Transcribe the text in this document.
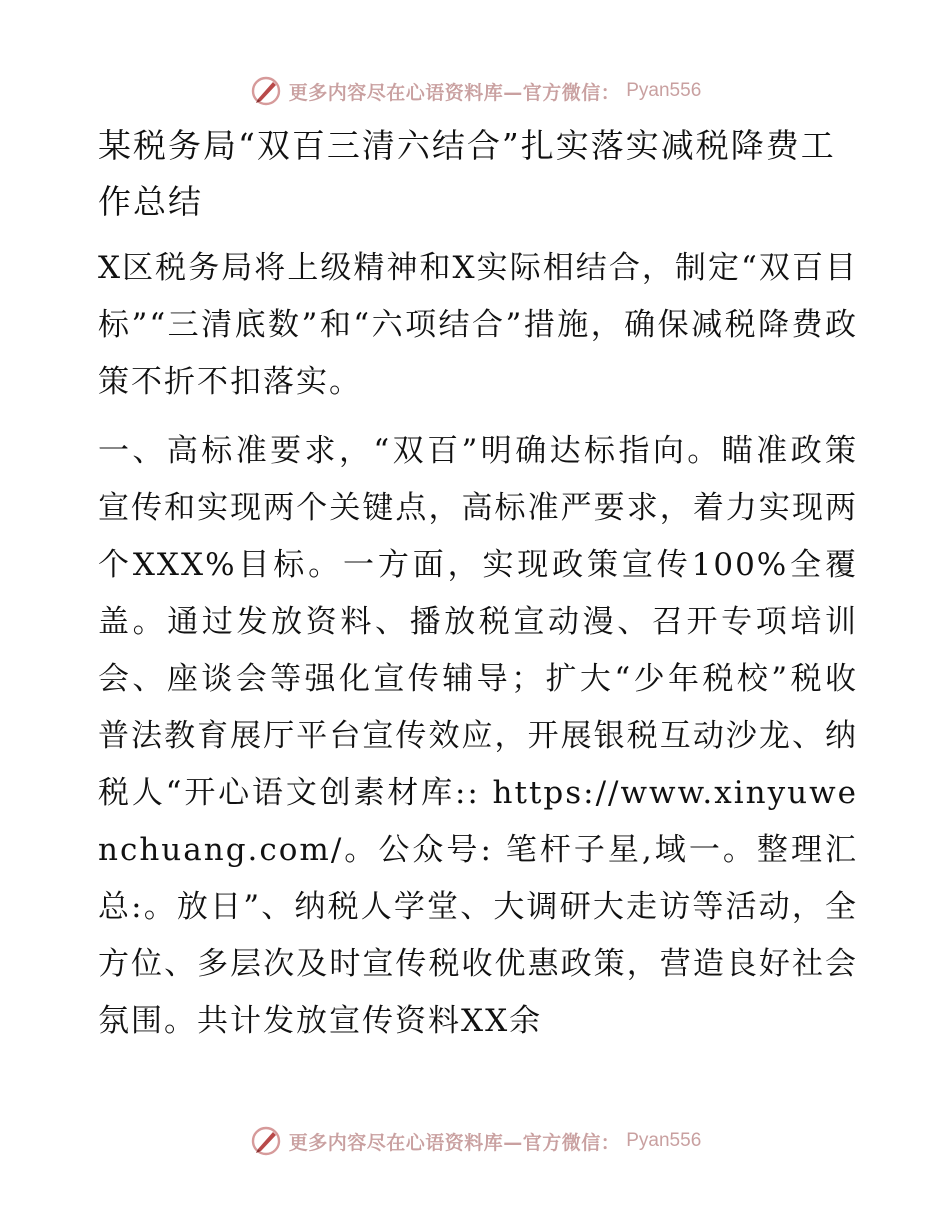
更多内容尽在心语资料库—官方微信： Pyan556
某税务局“双百三清六结合”扎实落实减税降费工作总结
X区税务局将上级精神和X实际相结合，制定“双百目标”“三清底数”和“六项结合”措施，确保减税降费政策不折不扣落实。
一、高标准要求，“双百”明确达标指向。瞄准政策宣传和实现两个关键点，高标准严要求，着力实现两个XXX%目标。一方面，实现政策宣传100%全覆盖。通过发放资料、播放税宣动漫、召开专项培训会、座谈会等强化宣传辅导；扩大“少年税校”税收普法教育展厅平台宣传效应，开展银税互动沙龙、纳税人“开心语文创素材库:: https://www.xinyuwenchuang.com/。公众号: 笔杆子星,域一。整理汇总:。放日”、纳税人学堂、大调研大走访等活动，全方位、多层次及时宣传税收优惠政策，营造良好社会氛围。共计发放宣传资料XX余
更多内容尽在心语资料库—官方微信： Pyan556
